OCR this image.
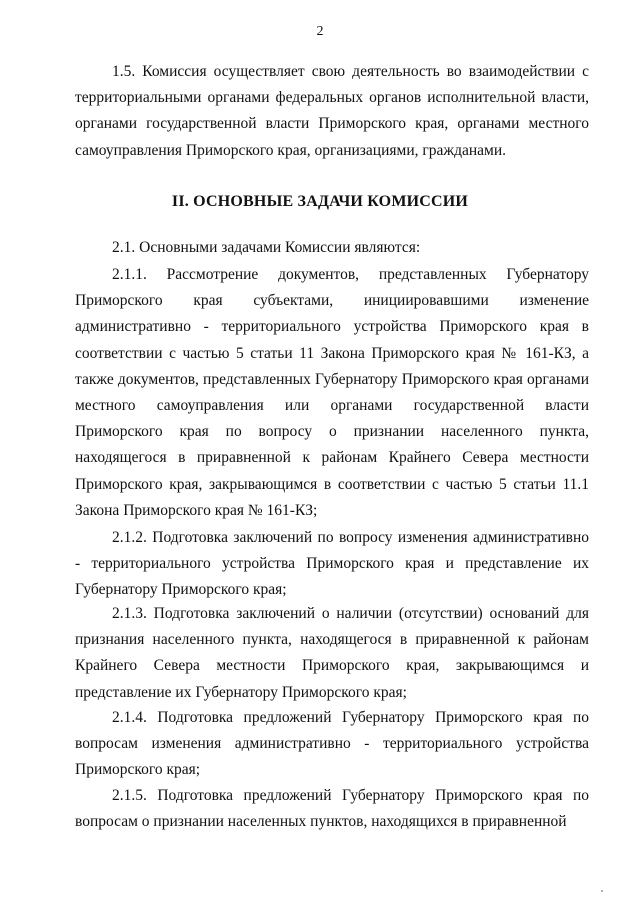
2
1.5. Комиссия осуществляет свою деятельность во взаимодействии с территориальными органами федеральных органов исполнительной власти, органами государственной власти Приморского края, органами местного самоуправления Приморского края, организациями, гражданами.
II. ОСНОВНЫЕ ЗАДАЧИ КОМИССИИ
2.1. Основными задачами Комиссии являются:
2.1.1. Рассмотрение документов, представленных Губернатору Приморского края субъектами, инициировавшими изменение административно - территориального устройства Приморского края в соответствии с частью 5 статьи 11 Закона Приморского края № 161-КЗ, а также документов, представленных Губернатору Приморского края органами местного самоуправления или органами государственной власти Приморского края по вопросу о признании населенного пункта, находящегося в приравненной к районам Крайнего Севера местности Приморского края, закрывающимся в соответствии с частью 5 статьи 11.1 Закона Приморского края № 161-КЗ;
2.1.2. Подготовка заключений по вопросу изменения административно - территориального устройства Приморского края и представление их Губернатору Приморского края;
2.1.3. Подготовка заключений о наличии (отсутствии) оснований для признания населенного пункта, находящегося в приравненной к районам Крайнего Севера местности Приморского края, закрывающимся и представление их Губернатору Приморского края;
2.1.4. Подготовка предложений Губернатору Приморского края по вопросам изменения административно - территориального устройства Приморского края;
2.1.5. Подготовка предложений Губернатору Приморского края по вопросам о признании населенных пунктов, находящихся в приравненной
